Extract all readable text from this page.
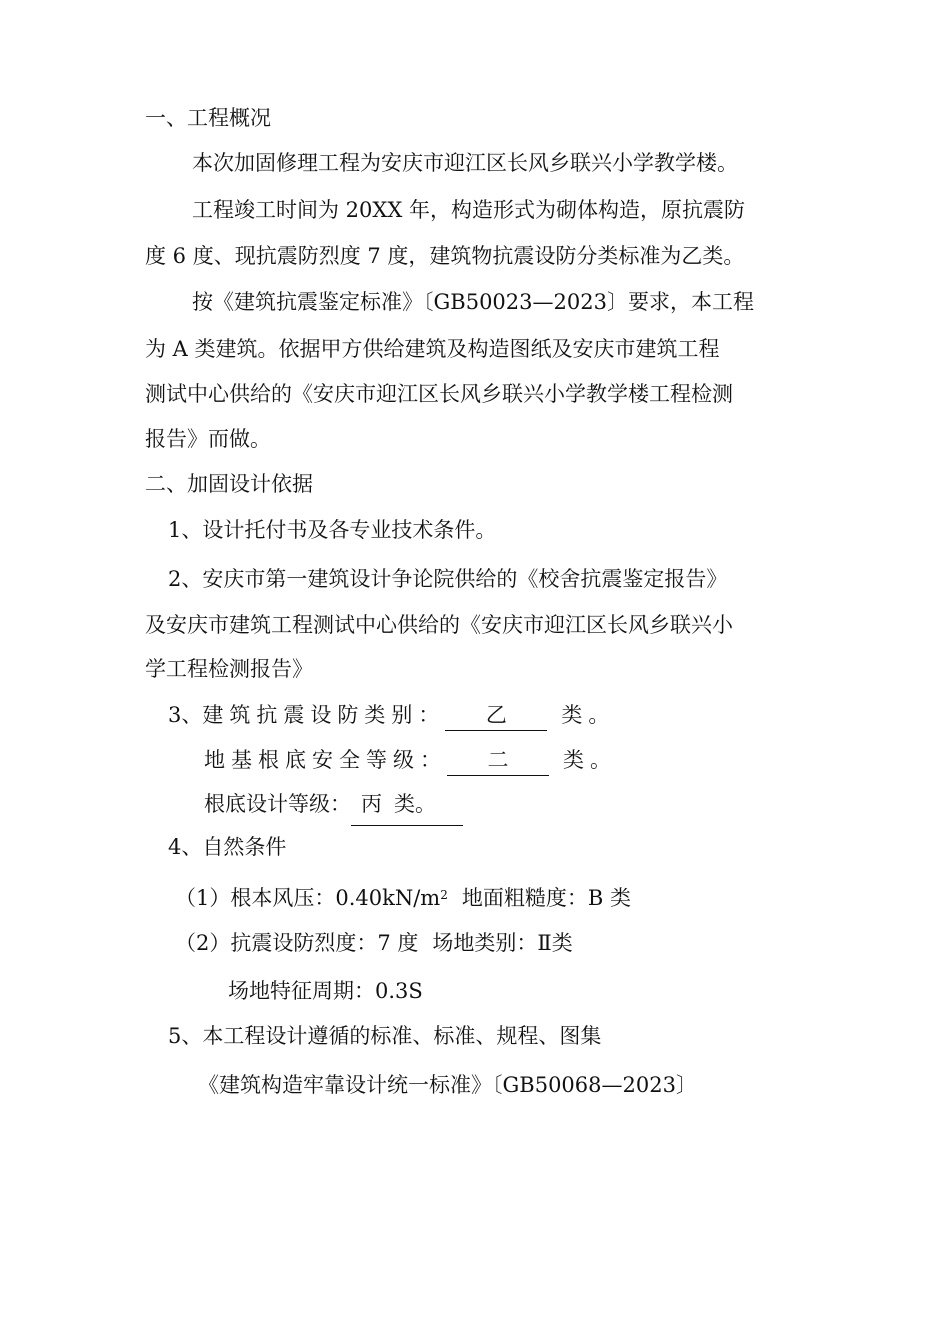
一、工程概况
本次加固修理工程为安庆市迎江区长风乡联兴小学教学楼。
工程竣工时间为 20XX 年，构造形式为砌体构造，原抗震防
度 6 度、现抗震防烈度 7 度，建筑物抗震设防分类标准为乙类。
按《建筑抗震鉴定标准》〔GB50023—2023〕要求，本工程
为 A 类建筑。依据甲方供给建筑及构造图纸及安庆市建筑工程
测试中心供给的《安庆市迎江区长风乡联兴小学教学楼工程检测
报告》而做。
二、加固设计依据
1、设计托付书及各专业技术条件。
2、安庆市第一建筑设计争论院供给的《校舍抗震鉴定报告》
及安庆市建筑工程测试中心供给的《安庆市迎江区长风乡联兴小
学工程检测报告》
3、建筑抗震设防类别： 乙	类。
地基根底安全等级： 二	类。
根底设计等级： 丙 类。
4、自然条件
（1）根本风压：$0.40kN/m^2$ 地面粗糙度：B 类
（2）抗震设防烈度：7 度 场地类别：Ⅱ类
场地特征周期：0.3S
5、本工程设计遵循的标准、标准、规程、图集
《建筑构造牢靠设计统一标准》〔GB50068—2023〕
